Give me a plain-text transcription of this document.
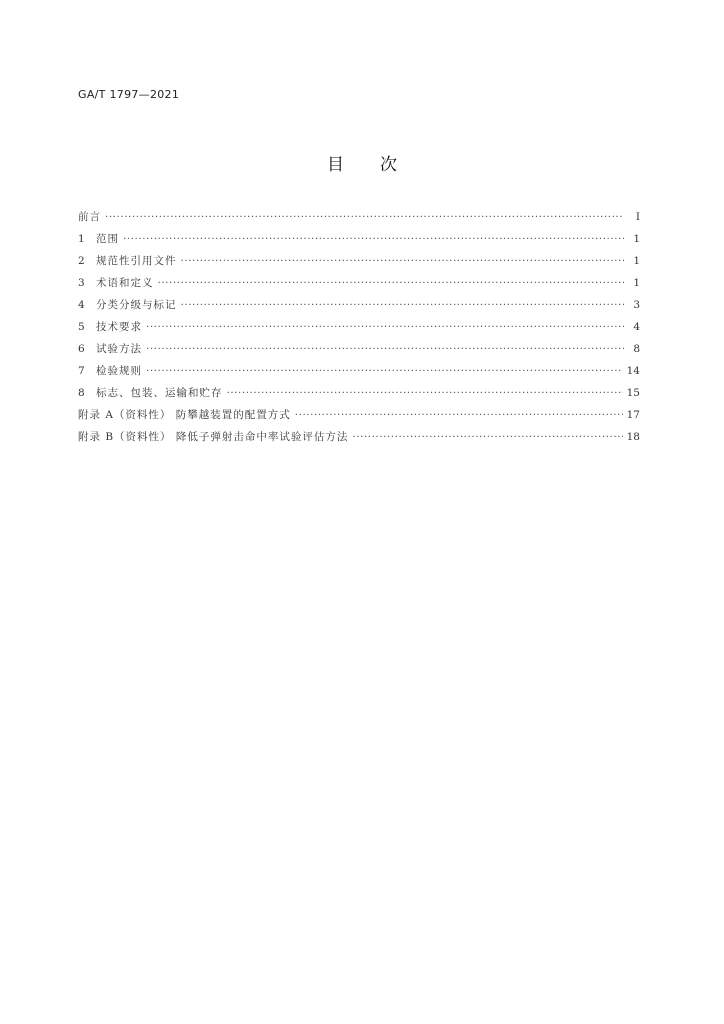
GA/T 1797—2021
目次
前言 ·····	Ⅰ
1 范围 ·····	1
2 规范性引用文件 ·····	1
3 术语和定义 ·····	1
4 分类分级与标记 ·····	3
5 技术要求 ·····	4
6 试验方法 ·····	8
7 检验规则 ·····	14
8 标志、包装、运输和贮存 ·····	15
附录 A（资料性） 防攀越装置的配置方式 ·····	17
附录 B（资料性） 降低子弹射击命中率试验评估方法 ·····	18
